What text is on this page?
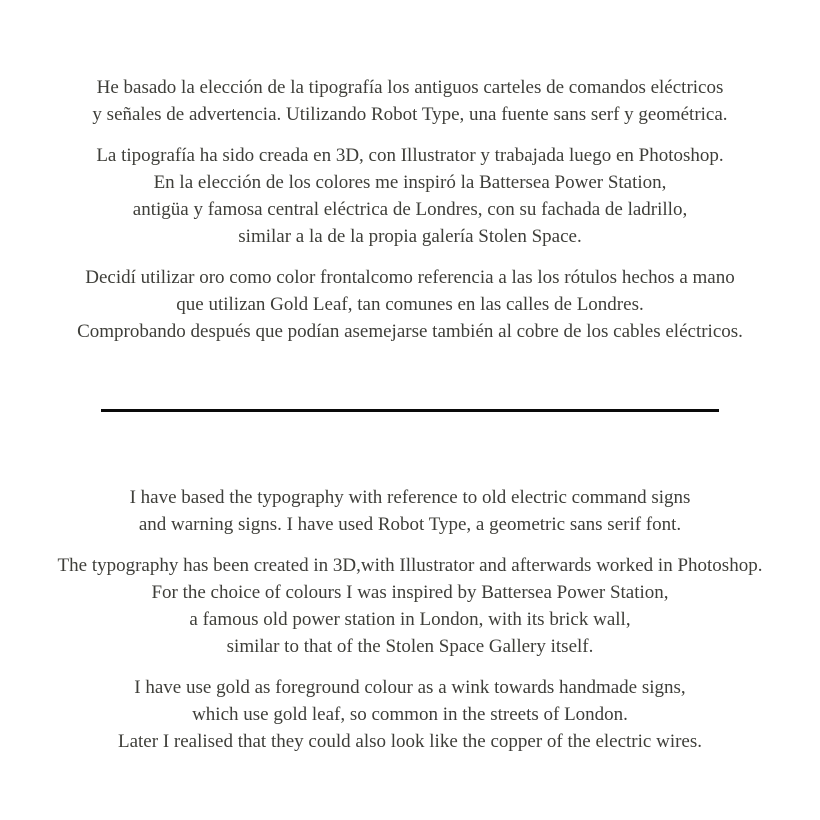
He basado la elección de la tipografía los antiguos carteles de comandos eléctricos
y señales de advertencia. Utilizando Robot Type, una fuente sans serf y geométrica.
La tipografía ha sido creada en 3D, con Illustrator y trabajada luego en Photoshop.
En la elección de los colores me inspiró la Battersea Power Station,
antigüa y famosa central eléctrica de Londres, con su fachada de ladrillo,
similar a la de la propia galería Stolen Space.
Decidí utilizar oro como color frontalcomo referencia a las los rótulos hechos a mano
que utilizan Gold Leaf, tan comunes en las calles de Londres.
Comprobando después que podían asemejarse también al cobre de los cables eléctricos.
I have based the typography with reference to old electric command signs
and warning signs. I have used Robot Type, a geometric sans serif font.
The typography has been created in 3D,with Illustrator and afterwards worked in Photoshop.
For the choice of colours I was inspired by Battersea Power Station,
a famous old power station in London, with its brick wall,
similar to that of the Stolen Space Gallery itself.
I have use gold as foreground colour as a wink towards handmade signs,
which use gold leaf, so common in the streets of London.
Later I realised that they could also look like the copper of the electric wires.
